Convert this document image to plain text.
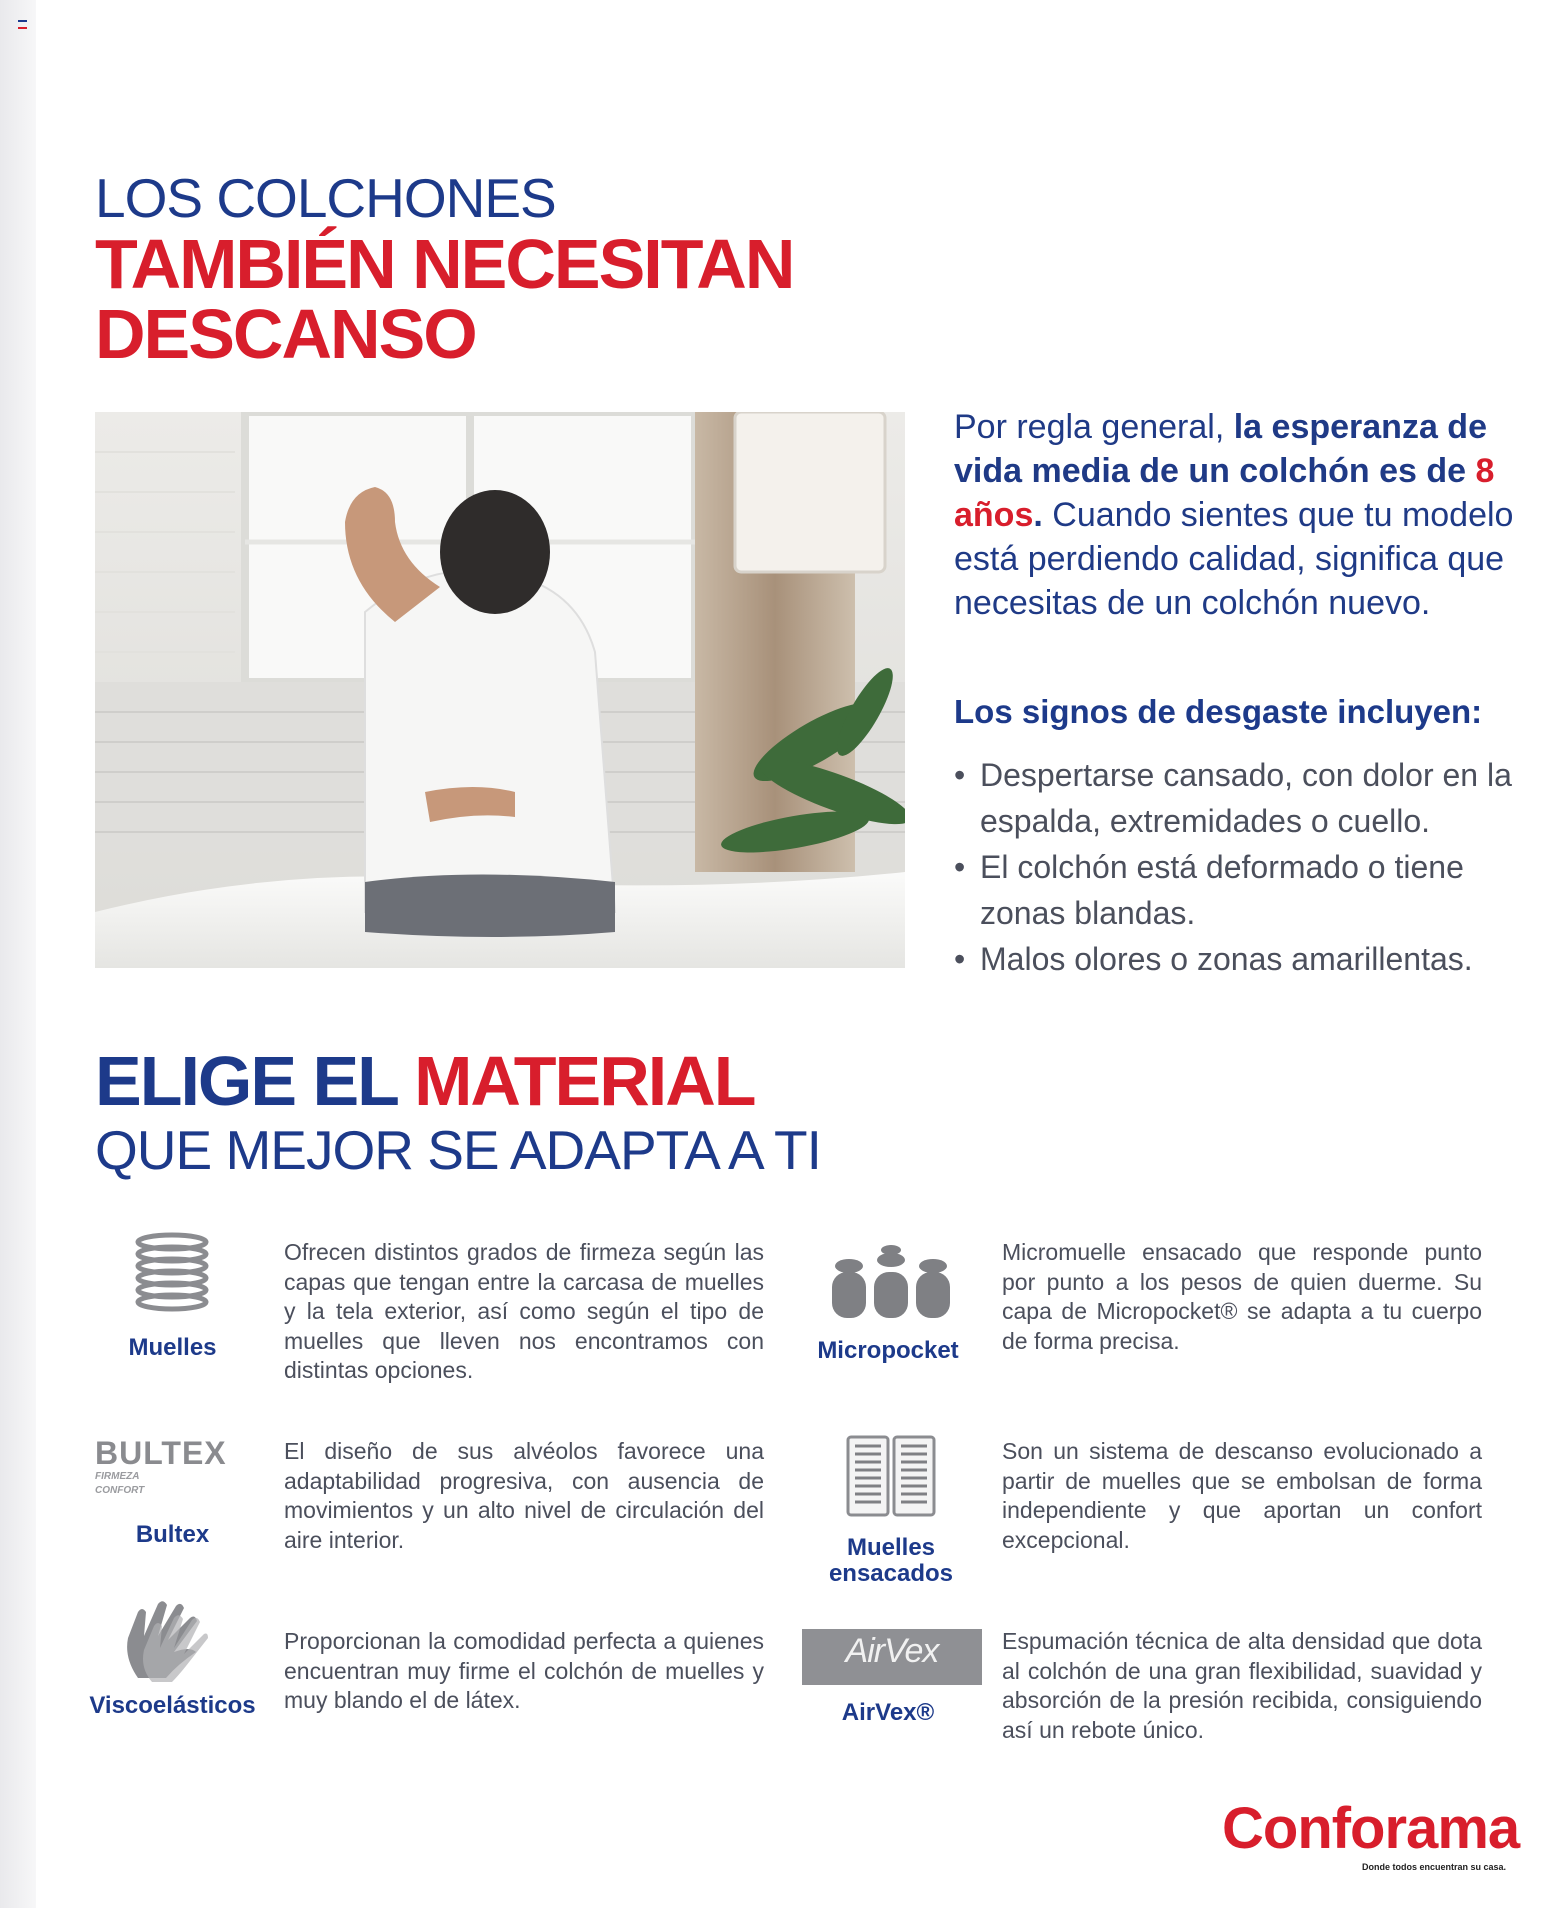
LOS COLCHONES
TAMBIÉN NECESITAN
DESCANSO
Por regla general, la esperanza de vida media de un colchón es de 8 años. Cuando sientes que tu modelo está perdiendo calidad, significa que necesitas de un colchón nuevo.
Los signos de desgaste incluyen:
• Despertarse cansado, con dolor en la espalda, extremidades o cuello.
• El colchón está deformado o tiene zonas blandas.
• Malos olores o zonas amarillentas.
ELIGE EL MATERIAL
QUE MEJOR SE ADAPTA A TI
Muelles
Ofrecen distintos grados de firmeza según las capas que tengan entre la carcasa de muelles y la tela exterior, así como según el tipo de muelles que lleven nos encontramos con distintas opciones.
Micropocket
Micromuelle ensacado que responde punto por punto a los pesos de quien duerme. Su capa de Micropocket® se adapta a tu cuerpo de forma precisa.
BULTEX
FIRMEZA
CONFORT
Bultex
El diseño de sus alvéolos favorece una adaptabilidad progresiva, con ausencia de movimientos y un alto nivel de circulación del aire interior.	Muelles
ensacados
Son un sistema de descanso evolucionado a partir de muelles que se embolsan de forma independiente y que aportan un confort excepcional.
Viscoelásticos
Proporcionan la comodidad perfecta a quienes encuentran muy firme el colchón de muelles y muy blando el de látex.
AirVex
AirVex®
Espumación técnica de alta densidad que dota al colchón de una gran flexibilidad, suavidad y absorción de la presión recibida, consiguiendo así un rebote único.
Conforama
Donde todos encuentran su casa.
